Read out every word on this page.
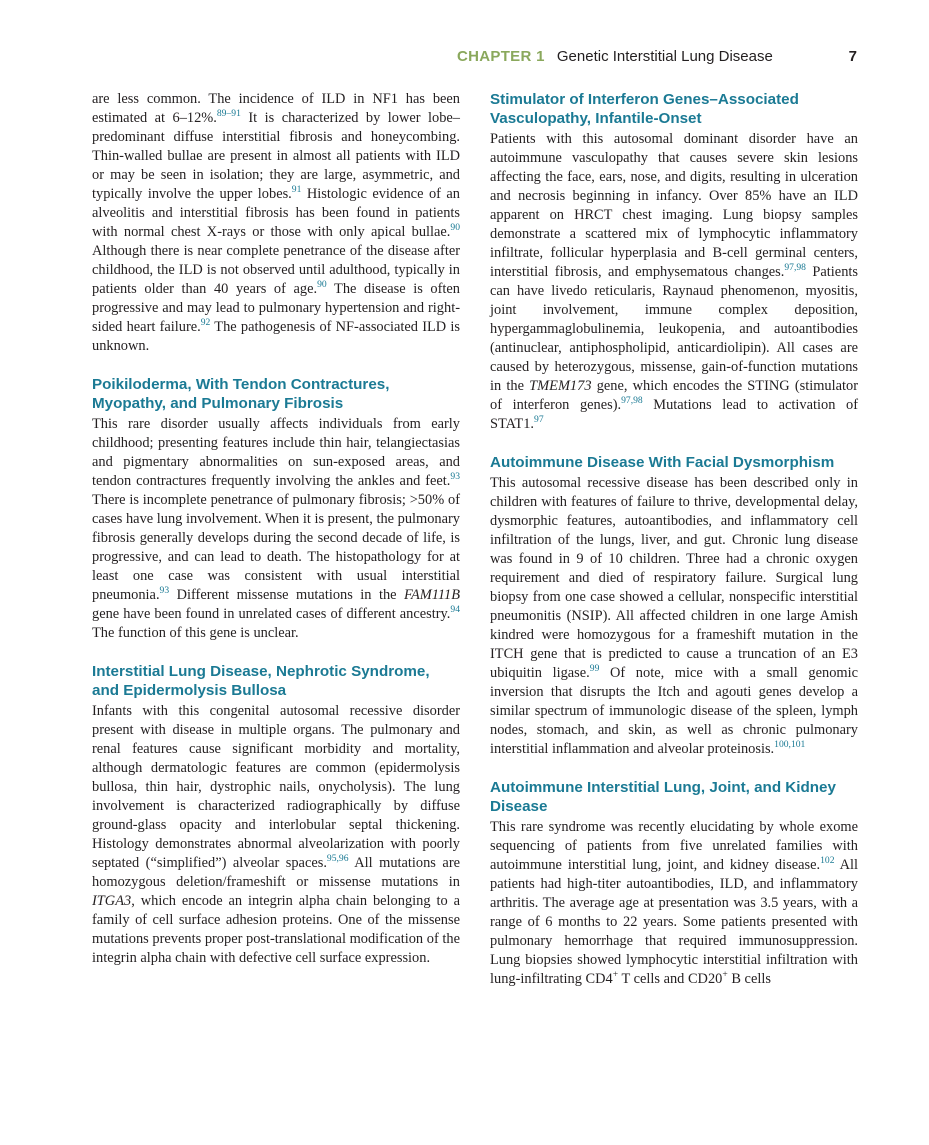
CHAPTER 1 Genetic Interstitial Lung Disease	7

are less common. The incidence of ILD in NF1 has been estimated at 6–12%.$^{89-91}$ It is characterized by lower lobe–predominant diffuse interstitial fibrosis and honeycombing. Thin-walled bullae are present in almost all patients with ILD or may be seen in isolation; they are large, asymmetric, and typically involve the upper lobes.$^{91}$ Histologic evidence of an alveolitis and interstitial fibrosis has been found in patients with normal chest X-rays or those with only apical bullae.$^{90}$ Although there is near complete penetrance of the disease after childhood, the ILD is not observed until adulthood, typically in patients older than 40 years of age.$^{90}$ The disease is often progressive and may lead to pulmonary hypertension and right-sided heart failure.$^{92}$ The pathogenesis of NF-associated ILD is unknown.

Poikiloderma, With Tendon Contractures, Myopathy, and Pulmonary Fibrosis

This rare disorder usually affects individuals from early childhood; presenting features include thin hair, telangiectasias and pigmentary abnormalities on sun-exposed areas, and tendon contractures frequently involving the ankles and feet.$^{93}$ There is incomplete penetrance of pulmonary fibrosis; >50% of cases have lung involvement. When it is present, the pulmonary fibrosis generally develops during the second decade of life, is progressive, and can lead to death. The histopathology for at least one case was consistent with usual interstitial pneumonia.$^{93}$ Different missense mutations in the FAM111B gene have been found in unrelated cases of different ancestry.$^{94}$ The function of this gene is unclear.

Interstitial Lung Disease, Nephrotic Syndrome, and Epidermolysis Bullosa

Infants with this congenital autosomal recessive disorder present with disease in multiple organs. The pulmonary and renal features cause significant morbidity and mortality, although dermatologic features are common (epidermolysis bullosa, thin hair, dystrophic nails, onycholysis). The lung involvement is characterized radiographically by diffuse ground-glass opacity and interlobular septal thickening. Histology demonstrates abnormal alveolarization with poorly septated (“simplified”) alveolar spaces.$^{95,96}$ All mutations are homozygous deletion/frameshift or missense mutations in ITGA3, which encode an integrin alpha chain belonging to a family of cell surface adhesion proteins. One of the missense mutations prevents proper post-translational modification of the integrin alpha chain with defective cell surface expression.

Stimulator of Interferon Genes–Associated Vasculopathy, Infantile-Onset

Patients with this autosomal dominant disorder have an autoimmune vasculopathy that causes severe skin lesions affecting the face, ears, nose, and digits, resulting in ulceration and necrosis beginning in infancy. Over 85% have an ILD apparent on HRCT chest imaging. Lung biopsy samples demonstrate a scattered mix of lymphocytic inflammatory infiltrate, follicular hyperplasia and B-cell germinal centers, interstitial fibrosis, and emphysematous changes.$^{97,98}$ Patients can have livedo reticularis, Raynaud phenomenon, myositis, joint involvement, immune complex deposition, hypergammaglobulinemia, leukopenia, and autoantibodies (antinuclear, antiphospholipid, anticardiolipin). All cases are caused by heterozygous, missense, gain-of-function mutations in the TMEM173 gene, which encodes the STING (stimulator of interferon genes).$^{97,98}$ Mutations lead to activation of STAT1.97

Autoimmune Disease With Facial Dysmorphism

This autosomal recessive disease has been described only in children with features of failure to thrive, developmental delay, dysmorphic features, autoantibodies, and inflammatory cell infiltration of the lungs, liver, and gut. Chronic lung disease was found in 9 of 10 children. Three had a chronic oxygen requirement and died of respiratory failure. Surgical lung biopsy from one case showed a cellular, nonspecific interstitial pneumonitis (NSIP). All affected children in one large Amish kindred were homozygous for a frameshift mutation in the ITCH gene that is predicted to cause a truncation of an E3 ubiquitin ligase.$^{99}$ Of note, mice with a small genomic inversion that disrupts the Itch and agouti genes develop a similar spectrum of immunologic disease of the spleen, lymph nodes, stomach, and skin, as well as chronic pulmonary interstitial inflammation and alveolar proteinosis.$^{100,101}$

Autoimmune Interstitial Lung, Joint, and Kidney Disease

This rare syndrome was recently elucidating by whole exome sequencing of patients from five unrelated families with autoimmune interstitial lung, joint, and kidney disease.$^{102}$ All patients had high-titer autoantibodies, ILD, and inflammatory arthritis. The average age at presentation was 3.5 years, with a range of 6 months to 22 years. Some patients presented with pulmonary hemorrhage that required immunosuppression. Lung biopsies showed lymphocytic interstitial infiltration with lung-infiltrating CD4+ T cells and CD20+ B cells
